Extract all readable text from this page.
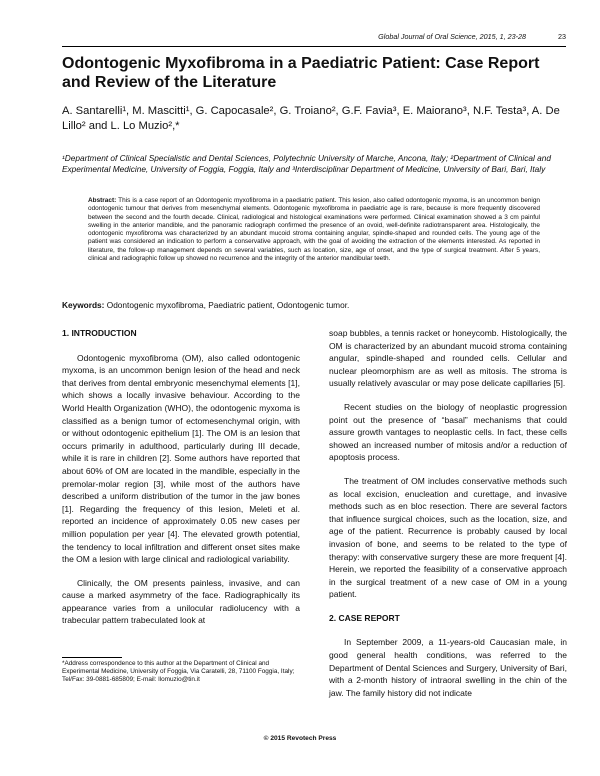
Global Journal of Oral Science, 2015, 1, 23-28	23
Odontogenic Myxofibroma in a Paediatric Patient: Case Report and Review of the Literature
A. Santarelli¹, M. Mascitti¹, G. Capocasale², G. Troiano², G.F. Favia³, E. Maiorano³, N.F. Testa³, A. De Lillo² and L. Lo Muzio²,*
¹Department of Clinical Specialistic and Dental Sciences, Polytechnic University of Marche, Ancona, Italy; ²Department of Clinical and Experimental Medicine, University of Foggia, Foggia, Italy and ³Interdisciplinar Department of Medicine, University of Bari, Bari, Italy
Abstract: This is a case report of an Odontogenic myxofibroma in a paediatric patient. This lesion, also called odontogenic myxoma, is an uncommon benign odontogenic tumour that derives from mesenchymal elements. Odontogenic myxofibroma in paediatric age is rare, because is more frequently discovered between the second and the fourth decade. Clinical, radiological and histological examinations were performed. Clinical examination showed a 3 cm painful swelling in the anterior mandible, and the panoramic radiograph confirmed the presence of an ovoid, well-definite radiotransparent area. Histologically, the odontogenic myxofibroma was characterized by an abundant mucoid stroma containing angular, spindle-shaped and rounded cells. The young age of the patient was considered an indication to perform a conservative approach, with the goal of avoiding the extraction of the elements interested. As reported in literature, the follow-up management depends on several variables, such as location, size, age of onset, and the type of surgical treatment. After 5 years, clinical and radiographic follow up showed no recurrence and the integrity of the anterior mandibular teeth.
Keywords: Odontogenic myxofibroma, Paediatric patient, Odontogenic tumor.
1. INTRODUCTION

Odontogenic myxofibroma (OM), also called odontogenic myxoma, is an uncommon benign lesion of the head and neck that derives from dental embryonic mesenchymal elements [1], which shows a locally invasive behaviour. According to the World Health Organization (WHO), the odontogenic myxoma is classified as a benign tumor of ectomesenchymal origin, with or without odontogenic epithelium [1]. The OM is an lesion that occurs primarily in adulthood, particularly during III decade, while it is rare in children [2]. Some authors have reported that about 60% of OM are located in the mandible, especially in the premolar-molar region [3], while most of the authors have described a uniform distribution of the tumor in the jaw bones [1]. Regarding the frequency of this lesion, Meleti et al. reported an incidence of approximately 0.05 new cases per million population per year [4]. The elevated growth potential, the tendency to local infiltration and different onset sites make the OM a lesion with large clinical and radiological variability.

Clinically, the OM presents painless, invasive, and can cause a marked asymmetry of the face. Radiographically its appearance varies from a unilocular radiolucency with a trabecular pattern trabeculated look at

soap bubbles, a tennis racket or honeycomb. Histologically, the OM is characterized by an abundant mucoid stroma containing angular, spindle-shaped and rounded cells. Cellular and nuclear pleomorphism are as well as mitosis. The stroma is usually relatively avascular or may pose delicate capillaries [5].

Recent studies on the biology of neoplastic progression point out the presence of “basal” mechanisms that could assure growth vantages to neoplastic cells. In fact, these cells showed an increased number of mitosis and/or a reduction of apoptosis process.

The treatment of OM includes conservative methods such as local excision, enucleation and curettage, and invasive methods such as en bloc resection. There are several factors that influence surgical choices, such as the location, size, and age of the patient. Recurrence is probably caused by local invasion of bone, and seems to be related to the type of therapy: with conservative surgery these are more frequent [4]. Herein, we reported the feasibility of a conservative approach in the surgical treatment of a new case of OM in a young patient.

2. CASE REPORT

In September 2009, a 11-years-old Caucasian male, in good general health conditions, was referred to the Department of Dental Sciences and Surgery, University of Bari, with a 2-month history of intraoral swelling in the chin of the jaw. The family history did not indicate

*Address correspondence to this author at the Department of Clinical and Experimental Medicine, University of Foggia, Via Caratelli, 28, 71100 Foggia, Italy; Tel/Fax: 39-0881-685809; E-mail: llomuzio@tin.it
© 2015 Revotech Press
